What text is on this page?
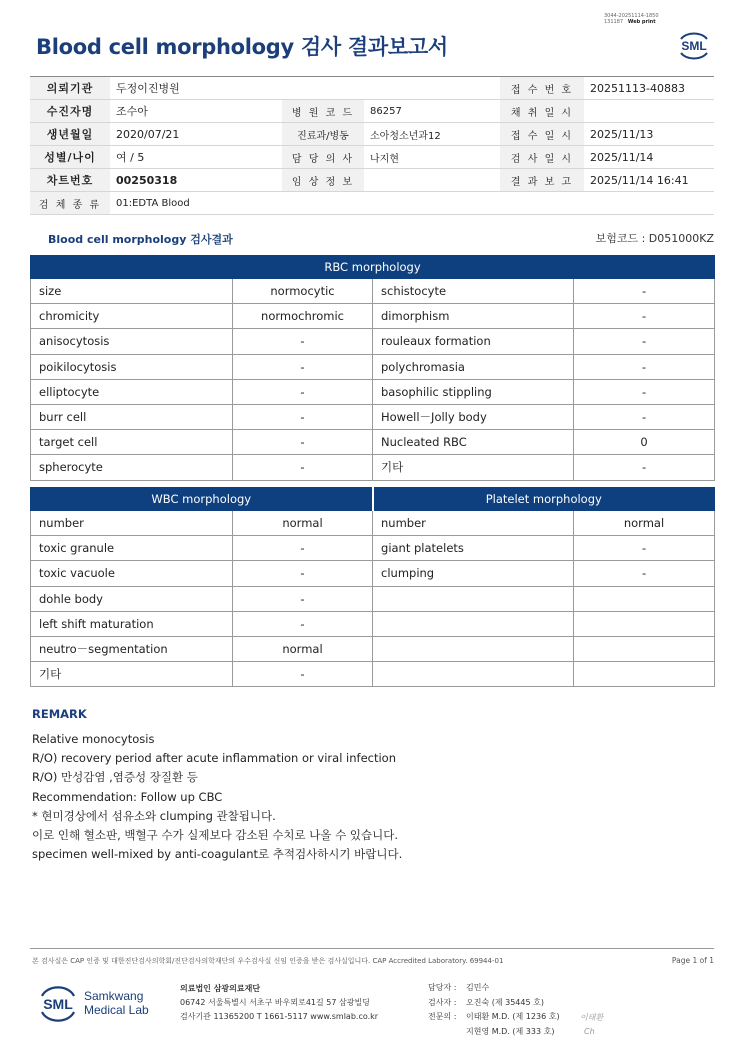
3044-20251114-1850
131187 Web print
Blood cell morphology 검사 결과보고서	SML
의뢰기관	두정이진병원			접 수 번 호	20251113-40883
수진자명	조수아	병 원 코 드	86257	채 취 일 시	
생년월일	2020/07/21	진료과/병동	소아청소년과12	접 수 일 시	2025/11/13
성별/나이	여 / 5	담 당 의 사	나지현	검 사 일 시	2025/11/14
차트번호	00250318	임 상 정 보		결 과 보 고	2025/11/14 16:41
검 체 종 류	01:EDTA Blood				
Blood cell morphology 검사결과	보험코드 : D051000KZ
RBC morphology			
size	normocytic	schistocyte	-
chromicity	normochromic	dimorphism	-
anisocytosis	-	rouleaux formation	-
poikilocytosis	-	polychromasia	-
elliptocyte	-	basophilic stippling	-
burr cell	-	Howell－Jolly body	-
target cell	-	Nucleated RBC	0
spherocyte	-	기타	-
WBC morphology		Platelet morphology	
number	normal	number	normal
toxic granule	-	giant platelets	-
toxic vacuole	-	clumping	-
dohle body	-		
left shift maturation	-		
neutro－segmentation	normal		
기타	-		
REMARK
Relative monocytosis
R/O) recovery period after acute inflammation or viral infection
R/O) 만성감염 ,염증성 장질환 등
Recommendation: Follow up CBC
* 현미경상에서 섬유소와 clumping 관찰됩니다.
이로 인해 혈소판, 백혈구 수가 실제보다 감소된 수치로 나올 수 있습니다.
specimen well-mixed by anti-coagulant로 추적검사하시기 바랍니다.
본 검사실은 CAP 인증 및 대한진단검사의학회/진단검사의학재단의 우수검사실 신임 인증을 받은 검사실입니다. CAP Accredited Laboratory. 69944-01	Page 1 of 1
SML Samkwang
Medical Lab
의료법인 삼광의료재단
06742 서울특별시 서초구 바우뫼로41길 57 삼광빌딩
검사기관 11365200 T 1661-5117 www.smlab.co.kr
담당자 :	김민수
검사자 :	오진숙 (제 35445 호)
전문의 :	이태환 M.D. (제 1236 호)
지현영 M.D. (제 333 호)
이태환
Ch
